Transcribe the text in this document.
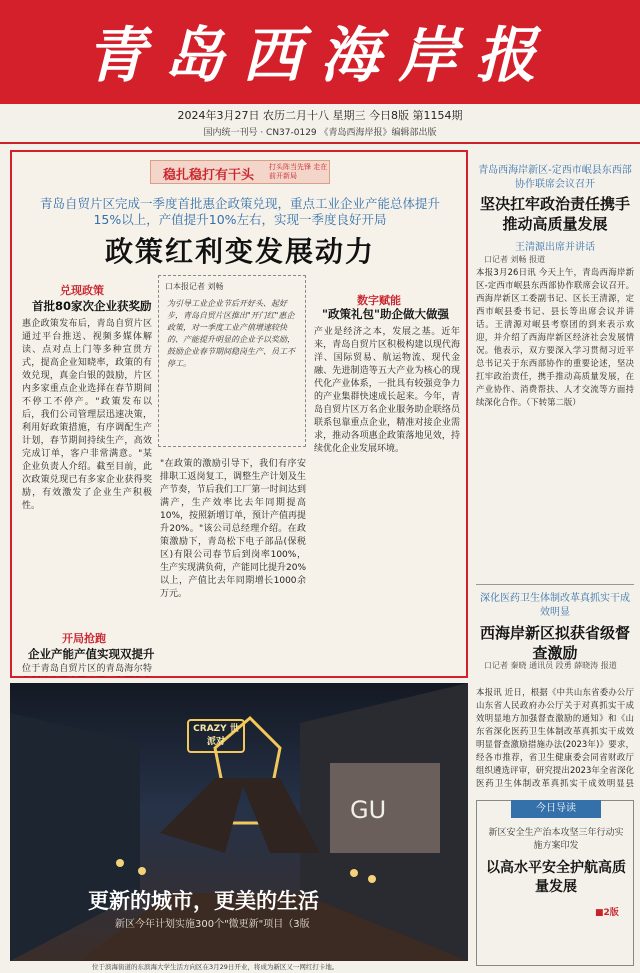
青岛西海岸报
2024年3月27日 农历二月十八 星期三 今日8版 第1154期
国内统一刊号 · CN37-0129 《青岛西海岸报》编辑部出版
稳扎稳打有干头
打头阵当先锋 走在前开新局
青岛自贸片区完成一季度首批惠企政策兑现，重点工业企业产能总体提升15%以上，产值提升10%左右，实现一季度良好开局
政策红利变发展动力
兑现政策
首批80家次企业获奖励
惠企政策发布后，青岛自贸片区通过平台推送、视频多媒体解读、点对点上门等多种宣贯方式，提高企业知晓率，政策的有效兑现，真金白银的鼓励，片区内多家重点企业选择在春节期间不停工不停产。"政策发布以后，我们公司管理层迅速决策，利用好政策措施，有序调配生产计划，春节期间持续生产，高效完成订单，客户非常满意。"某企业负责人介绍。截至目前，此次政策兑现已有多家企业获得奖励，有效激发了企业生产积极性。
开局抢跑
企业产能产值实现双提升
位于青岛自贸片区的青岛海尔特
口本报记者 刘畅
为引导工业企业节后开好头、起好步，青岛自贸片区推出"开门红"惠企政策，对一季度工业产值增速较快的、产能提升明显的企业予以奖励，鼓励企业春节期间稳岗生产、员工不停工。
"在政策的激励引导下，我们有序安排职工返岗复工，调整生产计划及生产节奏，节后我们工厂第一时间达到满产，生产效率比去年同期提高10%，按照新增订单，预计产值再提升20%。"该公司总经理介绍。在政策激励下，青岛松下电子部品(保税区)有限公司春节后到岗率100%，生产实现满负荷，产能同比提升20%以上，产值比去年同期增长1000余万元。
数字赋能
"政策礼包"助企做大做强
产业是经济之本，发展之基。近年来，青岛自贸片区积极构建以现代海洋、国际贸易、航运物流、现代金融、先进制造等五大产业为核心的现代化产业体系，一批具有较强竞争力的产业集群快速成长起来。今年，青岛自贸片区万名企业服务助企联络员联系包靠重点企业，精准对接企业需求，推动各项惠企政策落地见效，持续优化企业发展环境。
GU
CRAZY 世派对
更新的城市，更美的生活
新区今年计划实施300个"微更新"项目（3版
位于滨海街道的东滨海大学生活方向区在3月29日开业，将成为新区又一网红打卡地。
青岛西海岸新区-定西市岷县东西部协作联席会议召开
坚决扛牢政治责任携手推动高质量发展
王清源出席并讲话
口记者 刘畅 报道
本报3月26日讯 今天上午，青岛西海岸新区-定西市岷县东西部协作联席会议召开。西海岸新区工委副书记、区长王清源，定西市岷县委书记、县长等出席会议并讲话。王清源对岷县考察团的到来表示欢迎，并介绍了西海岸新区经济社会发展情况。他表示，双方要深入学习贯彻习近平总书记关于东西部协作的重要论述，坚决扛牢政治责任，携手推动高质量发展，在产业协作、消费帮扶、人才交流等方面持续深化合作。（下转第二版）
深化医药卫生体制改革真抓实干成效明显
西海岸新区拟获省级督查激励
口记者 秦晓 通讯员 段勇 薛晓涛 报道
本报讯 近日，根据《中共山东省委办公厅 山东省人民政府办公厅关于对真抓实干成效明显地方加强督查激励的通知》和《山东省深化医药卫生体制改革真抓实干成效明显督查激励措施办法(2023年)》要求，经各市推荐，省卫生健康委会同省财政厅组织遴选评审，研究提出2023年全省深化医药卫生体制改革真抓实干成效明显县
今日导读
新区安全生产治本攻坚三年行动实施方案印发
以高水平安全护航高质量发展
■2版
